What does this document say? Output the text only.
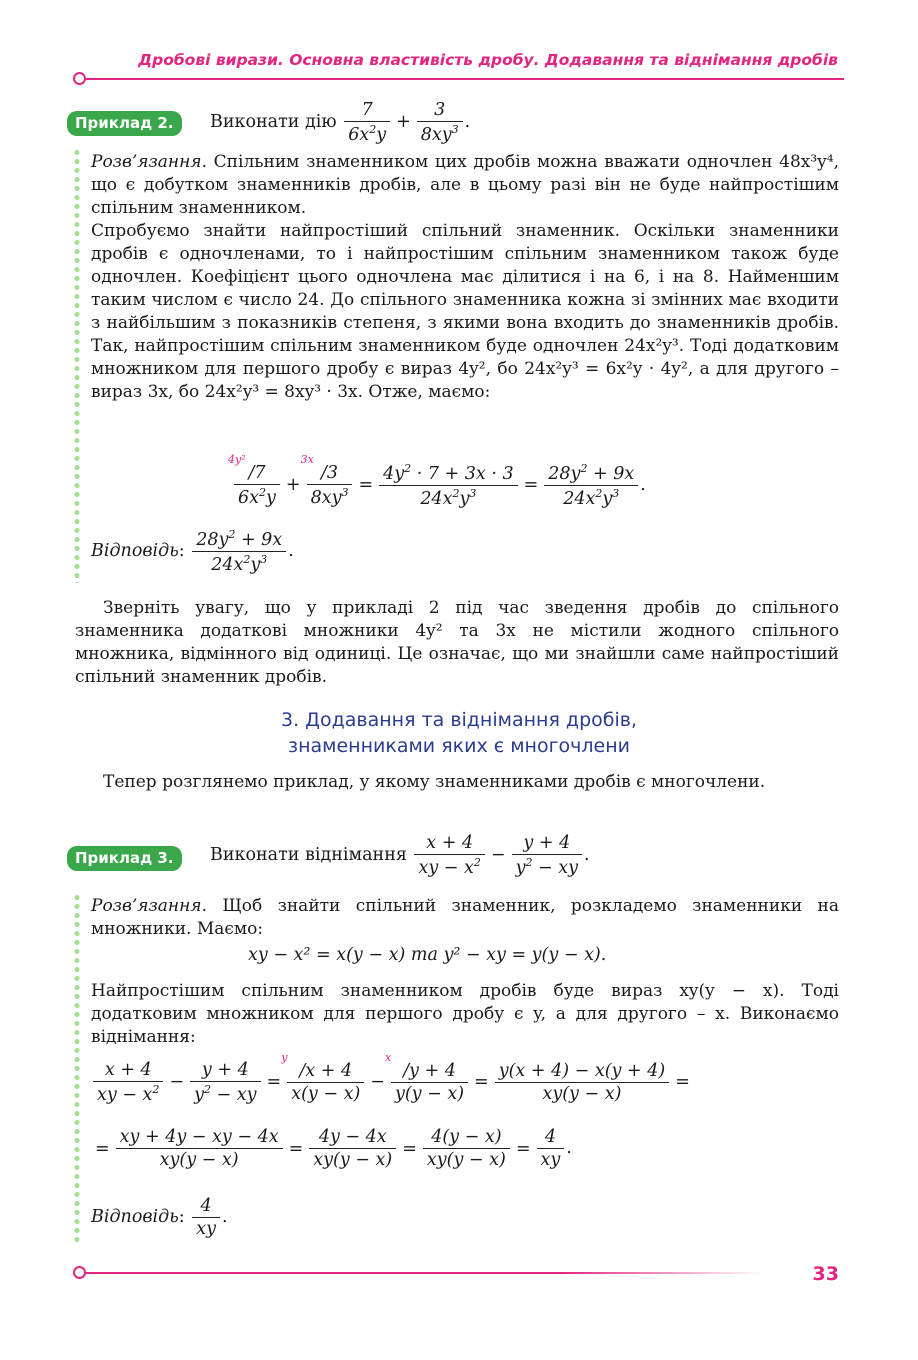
Дробові вирази. Основна властивість дробу. Додавання та віднімання дробів
Приклад 2.	Виконати дію $\frac{7}{6x^2y} + \frac{3}{8xy^3}$ .

Розв’язання. Спільним знаменником цих дробів можна вважати одночлен 48x³y⁴, що є добутком знаменників дробів, але в цьому разі він не буде найпростішим спільним знаменником.

Спробуємо знайти найпростіший спільний знаменник. Оскільки знаменники дробів є одночленами, то і найпростішим спільним знаменником також буде одночлен. Коефіцієнт цього одночлена має ділитися і на 6, і на 8. Найменшим таким числом є число 24. До спільного знаменника кожна зі змінних має входити з найбільшим з показників степеня, з якими вона входить до знаменників дробів. Так, найпростішим спільним знаменником буде одночлен 24x²y³. Тоді додатковим множником для першого дробу є вираз 4y², бо 24x²y³ = 6x²y · 4y², а для другого – вираз 3x, бо 24x²y³ = 8xy³ · 3x. Отже, маємо:

4y²
/7
$6x^2y$
+
3x
/3
$8xy^3 = \frac{4y^2 \cdot 7 + 3x \cdot 3}{24x^2y^3} = \frac{28y^2 + 9x}{24x^2y^3}$ .
Відповідь: $\frac{28y^2 + 9x}{24x^2y^3}$ .

Зверніть увагу, що у прикладі 2 під час зведення дробів до спільного знаменника додаткові множники 4y² та 3x не містили жодного спільного множника, відмінного від одиниці. Це означає, що ми знайшли саме найпростіший спільний знаменник дробів.

3. Додавання та віднімання дробів,
знаменниками яких є многочлени

Тепер розглянемо приклад, у якому знаменниками дробів є многочлени.

Приклад 3.	Виконати віднімання $\frac{x + 4}{xy - x^2} - \frac{y + 4}{y^2 - xy}$ .

Розв’язання. Щоб знайти спільний знаменник, розкладемо знаменники на множники. Маємо:

xy − x² = x(y − x) та y² − xy = y(y − x).

Найпростішим спільним знаменником дробів буде вираз xy(y − x). Тоді додатковим множником для першого дробу є y, а для другого – x. Виконаємо віднімання:

$\frac{x + 4}{xy - x^2} - \frac{y + 4}{y^2 - xy}$ =
y
/x + 4
x(y − x)
−
x
/y + 4
y(y − x)
= $\frac{y(x + 4) - x(y + 4)}{xy(y - x)}$ =
= $\frac{xy + 4y - xy - 4x}{xy(y - x)} = \frac{4y - 4x}{xy(y - x)} = \frac{4(y - x)}{xy(y - x)} = \frac{4}{xy}$ .
Відповідь: $\frac{4}{xy}$ .
33
